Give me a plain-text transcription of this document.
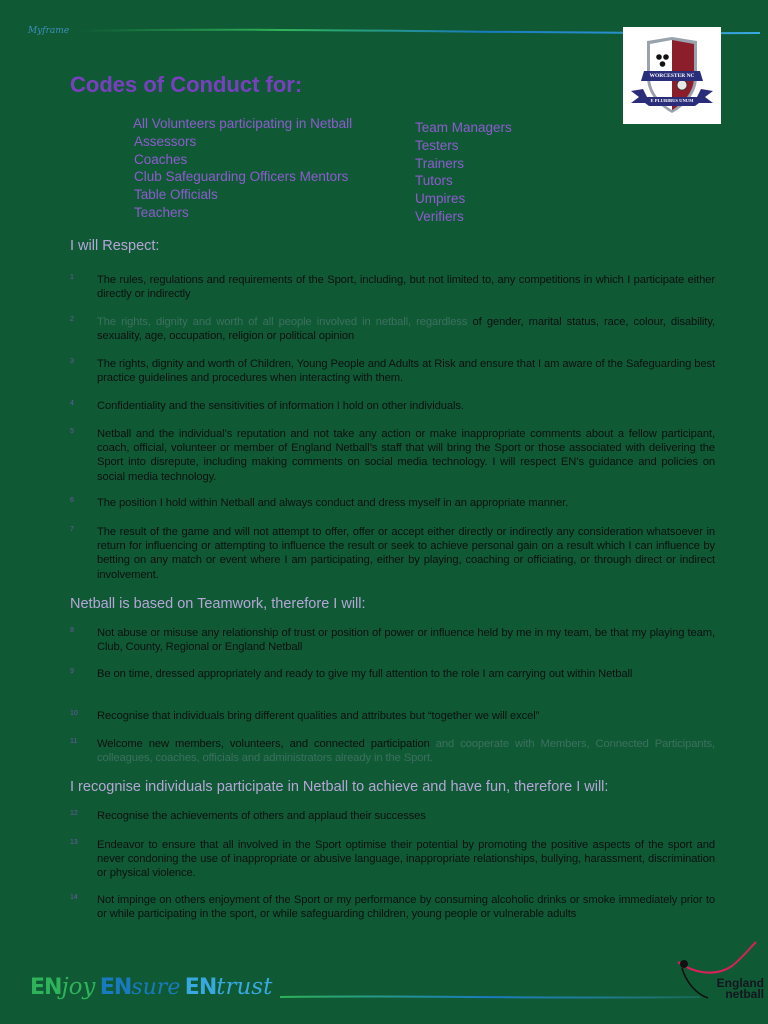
Myframe
WORCESTER NC
E PLURIBUS UNUM
Codes of Conduct for:
All Volunteers participating in Netball
Assessors
Coaches
Club Safeguarding Officers Mentors
Table Officials
Teachers
Team Managers
Testers
Trainers
Tutors
Umpires
Verifiers
I will Respect:
1 The rules, regulations and requirements of the Sport, including, but not limited to, any competitions in which I participate either directly or indirectly
2 The rights, dignity and worth of all people involved in netball, regardless of gender, marital status, race, colour, disability, sexuality, age, occupation, religion or political opinion
3 The rights, dignity and worth of Children, Young People and Adults at Risk and ensure that I am aware of the Safeguarding best practice guidelines and procedures when interacting with them.
4 Confidentiality and the sensitivities of information I hold on other individuals.
5 Netball and the individual’s reputation and not take any action or make inappropriate comments about a fellow participant, coach, official, volunteer or member of England Netball’s staff that will bring the Sport or those associated with delivering the Sport into disrepute, including making comments on social media technology. I will respect EN’s guidance and policies on social media technology.
6 The position I hold within Netball and always conduct and dress myself in an appropriate manner.
7 The result of the game and will not attempt to offer, offer or accept either directly or indirectly any consideration whatsoever in return for influencing or attempting to influence the result or seek to achieve personal gain on a result which I can influence by betting on any match or event where I am participating, either by playing, coaching or officiating, or through direct or indirect involvement.
Netball is based on Teamwork, therefore I will:
8 Not abuse or misuse any relationship of trust or position of power or influence held by me in my team, be that my playing team, Club, County, Regional or England Netball
9 Be on time, dressed appropriately and ready to give my full attention to the role I am carrying out within Netball
10 Recognise that individuals bring different qualities and attributes but “together we will excel”
11 Welcome new members, volunteers, and connected participation and cooperate with Members, Connected Participants, colleagues, coaches, officials and administrators already in the Sport.
I recognise individuals participate in Netball to achieve and have fun, therefore I will:
12 Recognise the achievements of others and applaud their successes
13 Endeavor to ensure that all involved in the Sport optimise their potential by promoting the positive aspects of the sport and never condoning the use of inappropriate or abusive language, inappropriate relationships, bullying, harassment, discrimination or physical violence.
14 Not impinge on others enjoyment of the Sport or my performance by consuming alcoholic drinks or smoke immediately prior to or while participating in the sport, or while safeguarding children, young people or vulnerable adults
ENjoy ENsure ENtrust	England
netball
